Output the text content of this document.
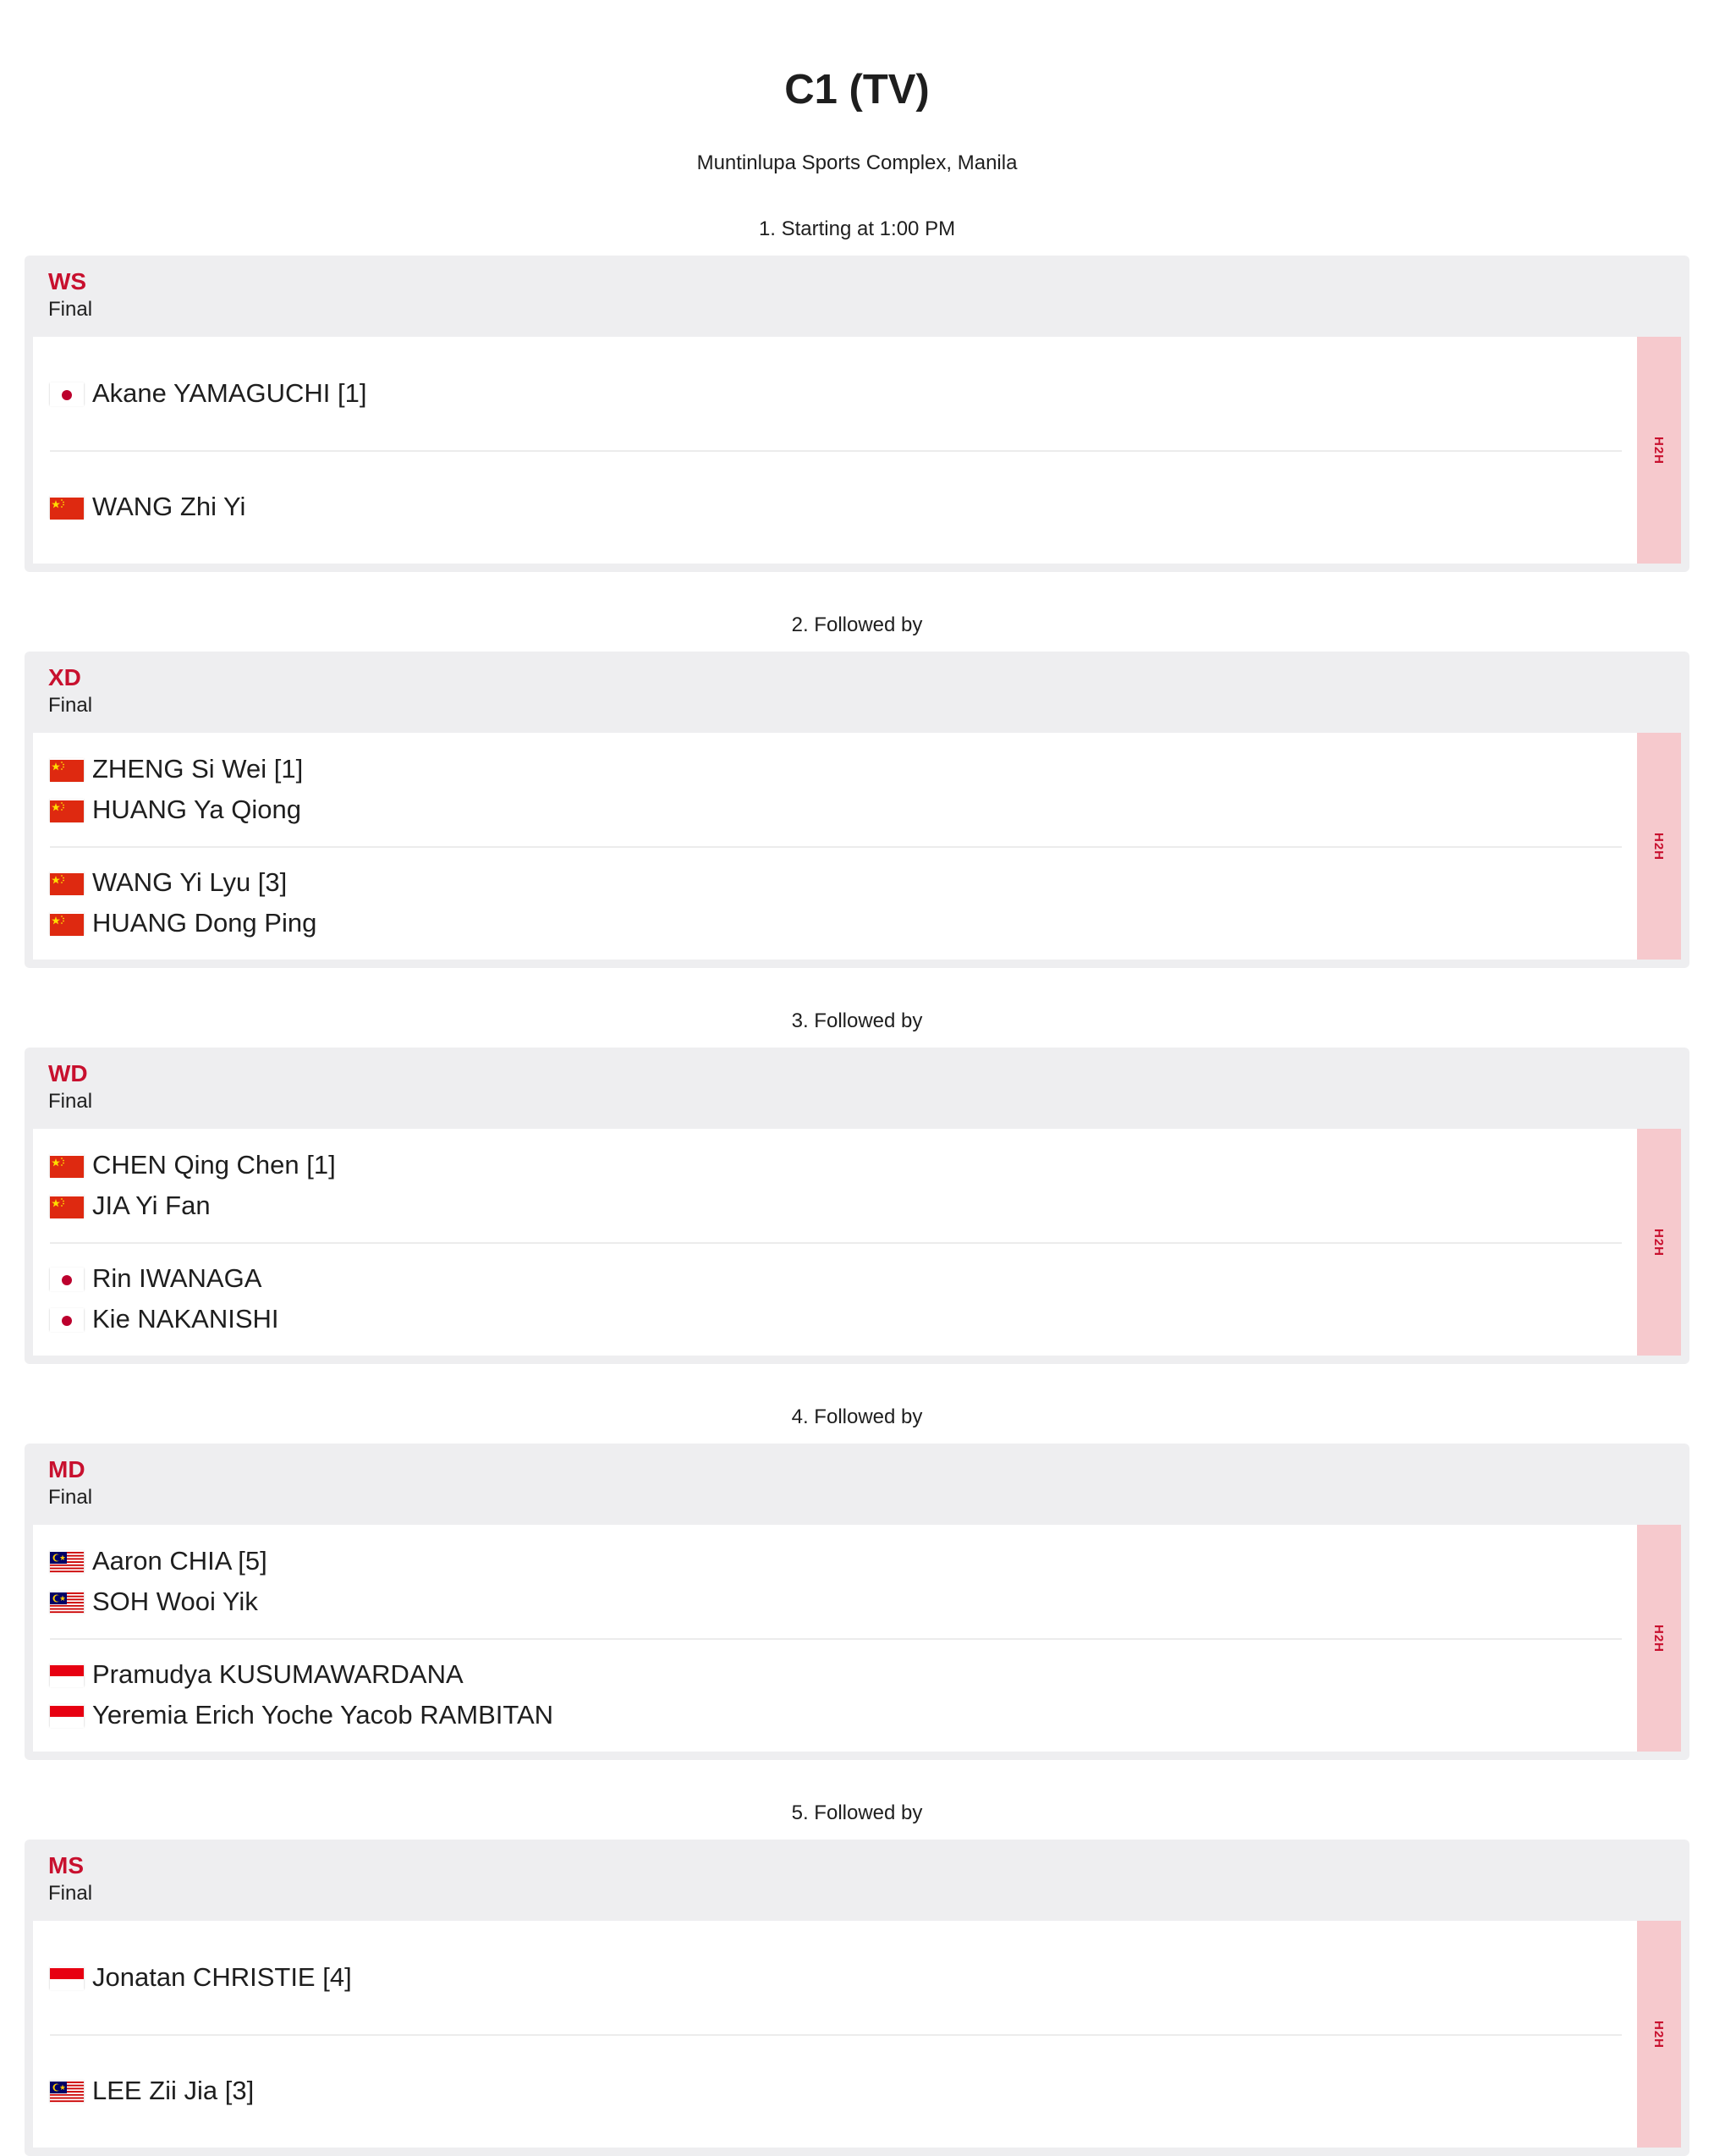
C1 (TV)
Muntinlupa Sports Complex, Manila
1. Starting at 1:00 PM
WS
Final
Akane YAMAGUCHI [1]
WANG Zhi Yi
H2H
2. Followed by
XD
Final
ZHENG Si Wei [1]
HUANG Ya Qiong
WANG Yi Lyu [3]
HUANG Dong Ping
H2H
3. Followed by
WD
Final
CHEN Qing Chen [1]
JIA Yi Fan
Rin IWANAGA
Kie NAKANISHI
H2H
4. Followed by
MD
Final
Aaron CHIA [5]
SOH Wooi Yik
Pramudya KUSUMAWARDANA
Yeremia Erich Yoche Yacob RAMBITAN
H2H
5. Followed by
MS
Final
Jonatan CHRISTIE [4]
LEE Zii Jia [3]
H2H
